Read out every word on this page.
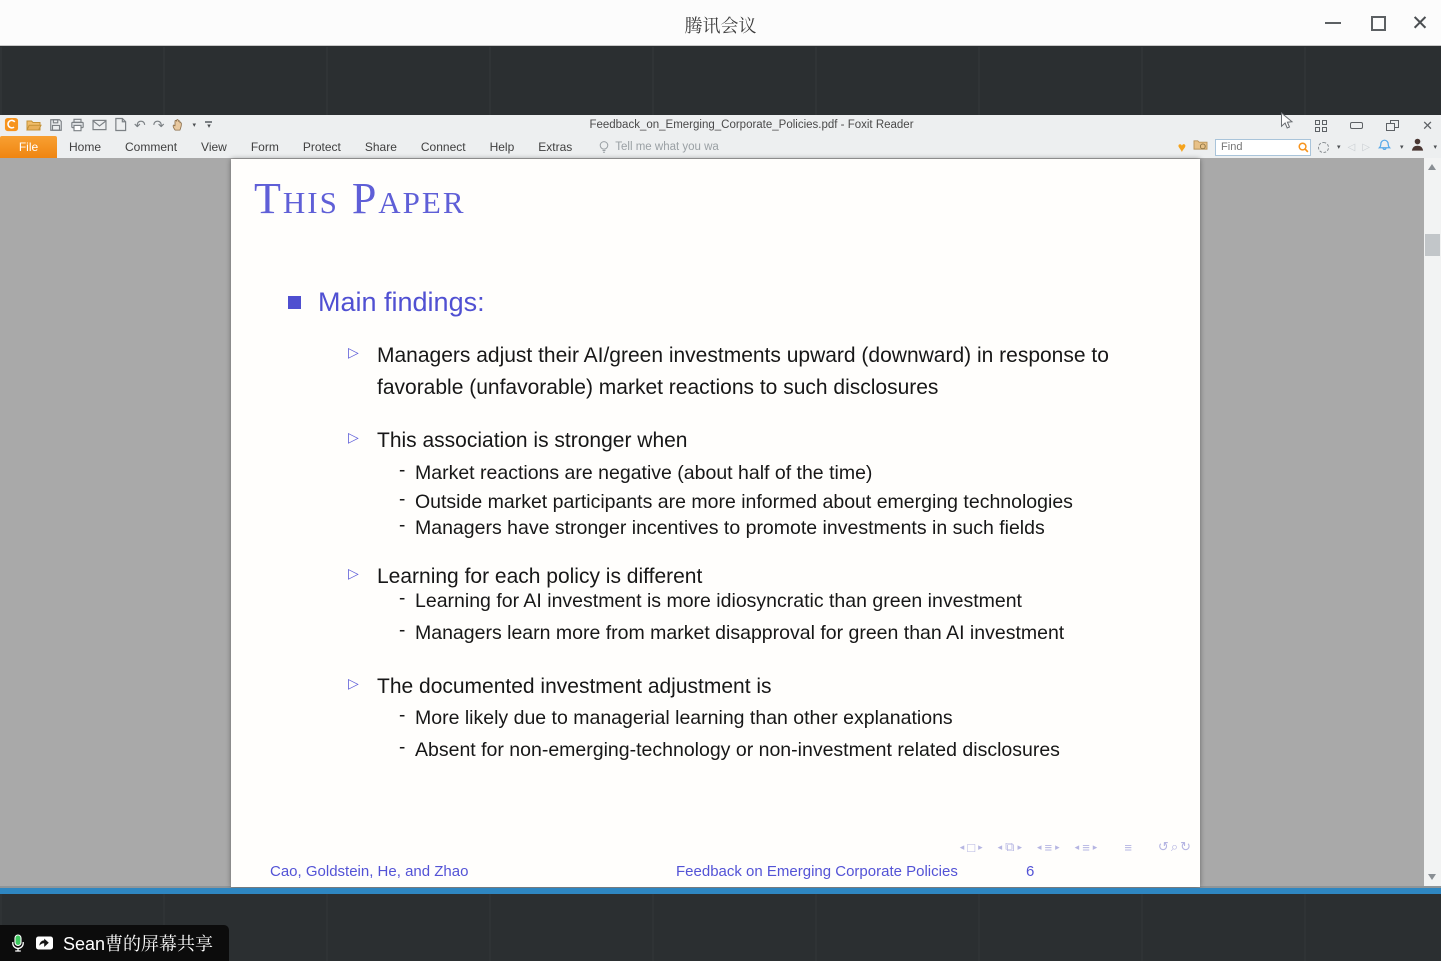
腾讯会议	✕
↶ ↷	▾ ▾	Feedback_on_Emerging_Corporate_Policies.pdf - Foxit Reader	✕
File	Home	Comment	View	Form	Protect	Share	Connect	Help	Extras	Tell me what you wa	♥
Find	▾ ◁ ▷	▾	▾
This Paper
Main findings:
▷ Managers adjust their AI/green investments upward (downward) in response to favorable (unfavorable) market reactions to such disclosures
▷ This association is stronger when
- Market reactions are negative (about half of the time)
- Outside market participants are more informed about emerging technologies
- Managers have stronger incentives to promote investments in such fields
▷ Learning for each policy is different
- Learning for AI investment is more idiosyncratic than green investment
- Managers learn more from market disapproval for green than AI investment
▷ The documented investment adjustment is
- More likely due to managerial learning than other explanations
- Absent for non-emerging-technology or non-investment related disclosures
◂ □ ▸ ◂ ⧉ ▸ ◂ ≡ ▸ ◂ ≡ ▸ ≡ ↺ ⌕ ↻
Cao, Goldstein, He, and Zhao	Feedback on Emerging Corporate Policies	6
Sean曹的屏幕共享
